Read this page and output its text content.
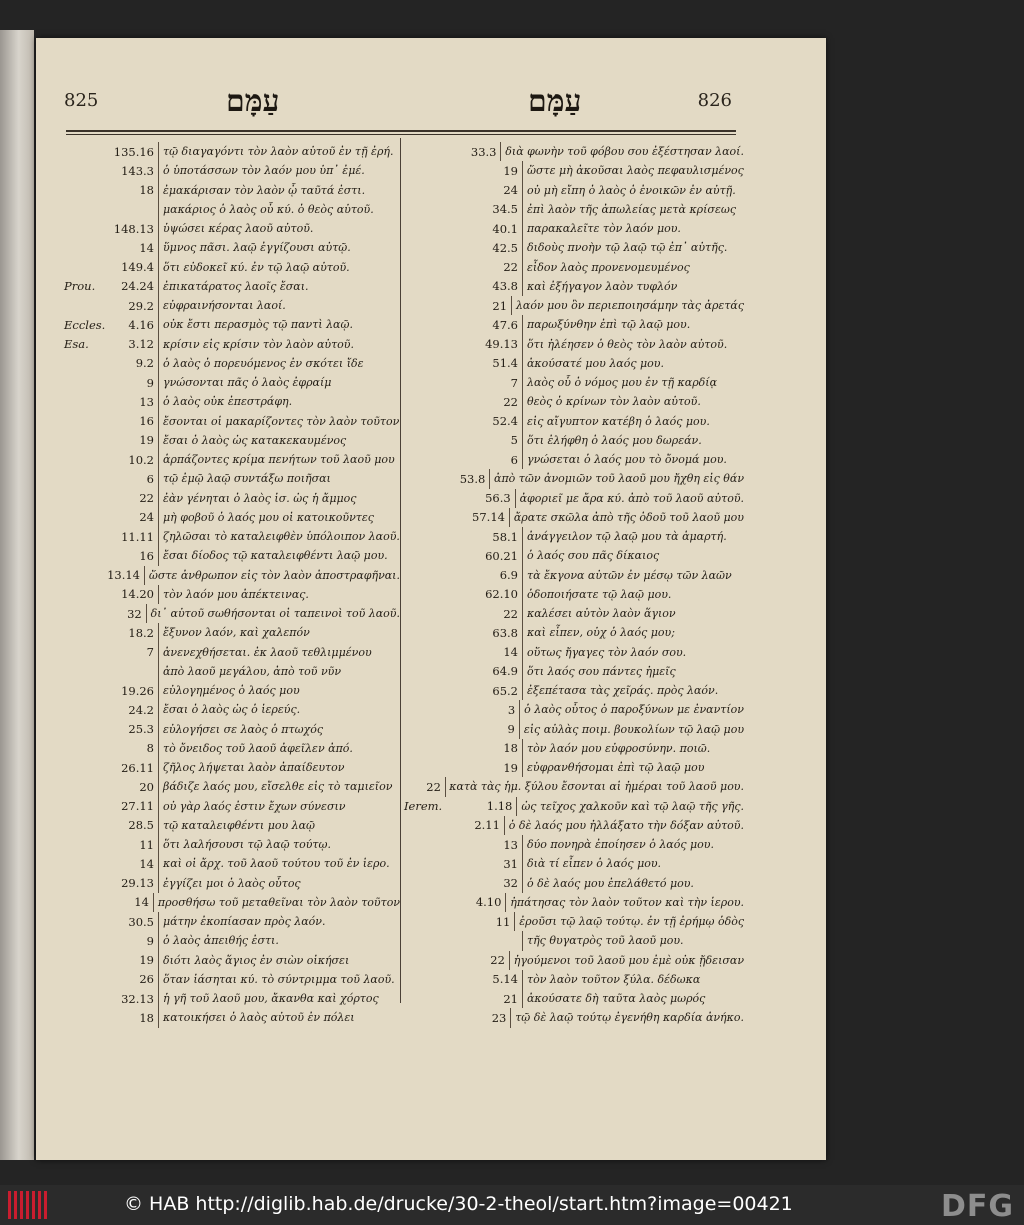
825	עַמָּם	עַמָּם	826
135.16 τῷ διαγαγόντι τὸν λαὸν αὐτοῦ ἐν τῇ ἐρή.
143.3 ὁ ὑποτάσσων τὸν λαόν μου ὑπ᾽ ἐμέ.
18 ἐμακάρισαν τὸν λαὸν ᾧ ταῦτά ἐστι.
μακάριος ὁ λαὸς οὗ κύ. ὁ θεὸς αὐτοῦ.
148.13 ὑψώσει κέρας λαοῦ αὐτοῦ.
14 ὕμνος πᾶσι. λαῷ ἐγγίζουσι αὐτῷ.
149.4 ὅτι εὐδοκεῖ κύ. ἐν τῷ λαῷ αὐτοῦ.
Prou.	24.24 ἐπικατάρατος λαοῖς ἔσαι.
29.2 εὐφραινήσονται λαοί.
Eccles.	4.16 οὐκ ἔστι περασμὸς τῷ παντὶ λαῷ.
Esa.	3.12 κρίσιν εἰς κρίσιν τὸν λαὸν αὐτοῦ.
9.2 ὁ λαὸς ὁ πορευόμενος ἐν σκότει ἴδε
9 γνώσονται πᾶς ὁ λαὸς ἐφραίμ
13 ὁ λαὸς οὐκ ἐπεστράφη.
16 ἔσονται οἱ μακαρίζοντες τὸν λαὸν τοῦτον
19 ἔσαι ὁ λαὸς ὡς κατακεκαυμένος
10.2 ἁρπάζοντες κρίμα πενήτων τοῦ λαοῦ μου
6 τῷ ἐμῷ λαῷ συντάξω ποιῆσαι
22 ἐὰν γένηται ὁ λαὸς ἰσ. ὡς ἡ ἄμμος
24 μὴ φοβοῦ ὁ λαός μου οἱ κατοικοῦντες
11.11 ζηλῶσαι τὸ καταλειφθὲν ὑπόλοιπον λαοῦ.
16 ἔσαι δίοδος τῷ καταλειφθέντι λαῷ μου.
13.14 ὥστε ἀνθρωπον εἰς τὸν λαὸν ἀποστραφῆναι.
14.20 τὸν λαόν μου ἀπέκτεινας.
32 δι᾽ αὐτοῦ σωθήσονται οἱ ταπεινοὶ τοῦ λαοῦ.
18.2 ἔξυνον λαόν, καὶ χαλεπόν
7 ἀνενεχθήσεται. ἐκ λαοῦ τεθλιμμένου
ἀπὸ λαοῦ μεγάλου, ἀπὸ τοῦ νῦν
19.26 εὐλογημένος ὁ λαός μου
24.2 ἔσαι ὁ λαὸς ὡς ὁ ἱερεύς.
25.3 εὐλογήσει σε λαὸς ὁ πτωχός
8 τὸ ὄνειδος τοῦ λαοῦ ἀφεῖλεν ἀπό.
26.11 ζῆλος λήψεται λαὸν ἀπαίδευτον
20 βάδιζε λαός μου, εἴσελθε εἰς τὸ ταμιεῖον
27.11 οὐ γὰρ λαός ἐστιν ἔχων σύνεσιν
28.5 τῷ καταλειφθέντι μου λαῷ
11 ὅτι λαλήσουσι τῷ λαῷ τούτῳ.
14 καὶ οἱ ἄρχ. τοῦ λαοῦ τούτου τοῦ ἐν ἱερο.
29.13 ἐγγίζει μοι ὁ λαὸς οὗτος
14 προσθήσω τοῦ μεταθεῖναι τὸν λαὸν τοῦτον
30.5 μάτην ἐκοπίασαν πρὸς λαόν.
9 ὁ λαὸς ἀπειθής ἐστι.
19 διότι λαὸς ἅγιος ἐν σιὼν οἰκήσει
26 ὅταν ἰάσηται κύ. τὸ σύντριμμα τοῦ λαοῦ.
32.13 ἡ γῆ τοῦ λαοῦ μου, ἄκανθα καὶ χόρτος
18 κατοικήσει ὁ λαὸς αὐτοῦ ἐν πόλει
33.3 διὰ φωνὴν τοῦ φόβου σου ἐξέστησαν λαοί.
19 ὥστε μὴ ἀκοῦσαι λαὸς πεφαυλισμένος
24 οὐ μὴ εἴπη ὁ λαὸς ὁ ἐνοικῶν ἐν αὐτῇ.
34.5 ἐπὶ λαὸν τῆς ἀπωλείας μετὰ κρίσεως
40.1 παρακαλεῖτε τὸν λαόν μου.
42.5 διδοὺς πνοὴν τῷ λαῷ τῷ ἐπ᾽ αὐτῆς.
22 εἶδον λαὸς προνενομευμένος
43.8 καὶ ἐξήγαγον λαὸν τυφλόν
21 λαόν μου ὃν περιεποιησάμην τὰς ἀρετάς
47.6 παρωξύνθην ἐπὶ τῷ λαῷ μου.
49.13 ὅτι ἠλέησεν ὁ θεὸς τὸν λαὸν αὐτοῦ.
51.4 ἀκούσατέ μου λαός μου.
7 λαὸς οὗ ὁ νόμος μου ἐν τῇ καρδίᾳ
22 θεὸς ὁ κρίνων τὸν λαὸν αὐτοῦ.
52.4 εἰς αἴγυπτον κατέβη ὁ λαός μου.
5 ὅτι ἐλήφθη ὁ λαός μου δωρεάν.
6 γνώσεται ὁ λαός μου τὸ ὄνομά μου.
53.8 ἀπὸ τῶν ἀνομιῶν τοῦ λαοῦ μου ἤχθη εἰς θάν
56.3 ἀφοριεῖ με ἄρα κύ. ἀπὸ τοῦ λαοῦ αὐτοῦ.
57.14 ἄρατε σκῶλα ἀπὸ τῆς ὁδοῦ τοῦ λαοῦ μου
58.1 ἀνάγγειλον τῷ λαῷ μου τὰ ἁμαρτή.
60.21 ὁ λαός σου πᾶς δίκαιος
6.9 τὰ ἔκγονα αὐτῶν ἐν μέσῳ τῶν λαῶν
62.10 ὁδοποιήσατε τῷ λαῷ μου.
22 καλέσει αὐτὸν λαὸν ἅγιον
63.8 καὶ εἶπεν, οὐχ ὁ λαός μου;
14 οὕτως ἤγαγες τὸν λαόν σου.
64.9 ὅτι λαός σου πάντες ἡμεῖς
65.2 ἐξεπέτασα τὰς χεῖράς. πρὸς λαόν.
3 ὁ λαὸς οὗτος ὁ παροξύνων με ἐναντίον
9 εἰς αὐλὰς ποιμ. βουκολίων τῷ λαῷ μου
18 τὸν λαόν μου εὐφροσύνην. ποιῶ.
19 εὐφρανθήσομαι ἐπὶ τῷ λαῷ μου
22 κατὰ τὰς ἡμ. ξύλου ἔσονται αἱ ἡμέραι τοῦ λαοῦ μου.
Ierem.	1.18 ὡς τεῖχος χαλκοῦν καὶ τῷ λαῷ τῆς γῆς.
2.11 ὁ δὲ λαός μου ἠλλάξατο τὴν δόξαν αὐτοῦ.
13 δύο πονηρὰ ἐποίησεν ὁ λαός μου.
31 διὰ τί εἶπεν ὁ λαός μου.
32 ὁ δὲ λαός μου ἐπελάθετό μου.
4.10 ἠπάτησας τὸν λαὸν τοῦτον καὶ τὴν ἱερου.
11 ἐροῦσι τῷ λαῷ τούτῳ. ἐν τῇ ἐρήμῳ ὁδὸς
τῆς θυγατρὸς τοῦ λαοῦ μου.
22 ἡγούμενοι τοῦ λαοῦ μου ἐμὲ οὐκ ᾔδεισαν
5.14 τὸν λαὸν τοῦτον ξύλα. δέδωκα
21 ἀκούσατε δὴ ταῦτα λαὸς μωρός
23 τῷ δὲ λαῷ τούτῳ ἐγενήθη καρδία ἀνήκο.
© HAB http://diglib.hab.de/drucke/30-2-theol/start.htm?image=00421	DFG
